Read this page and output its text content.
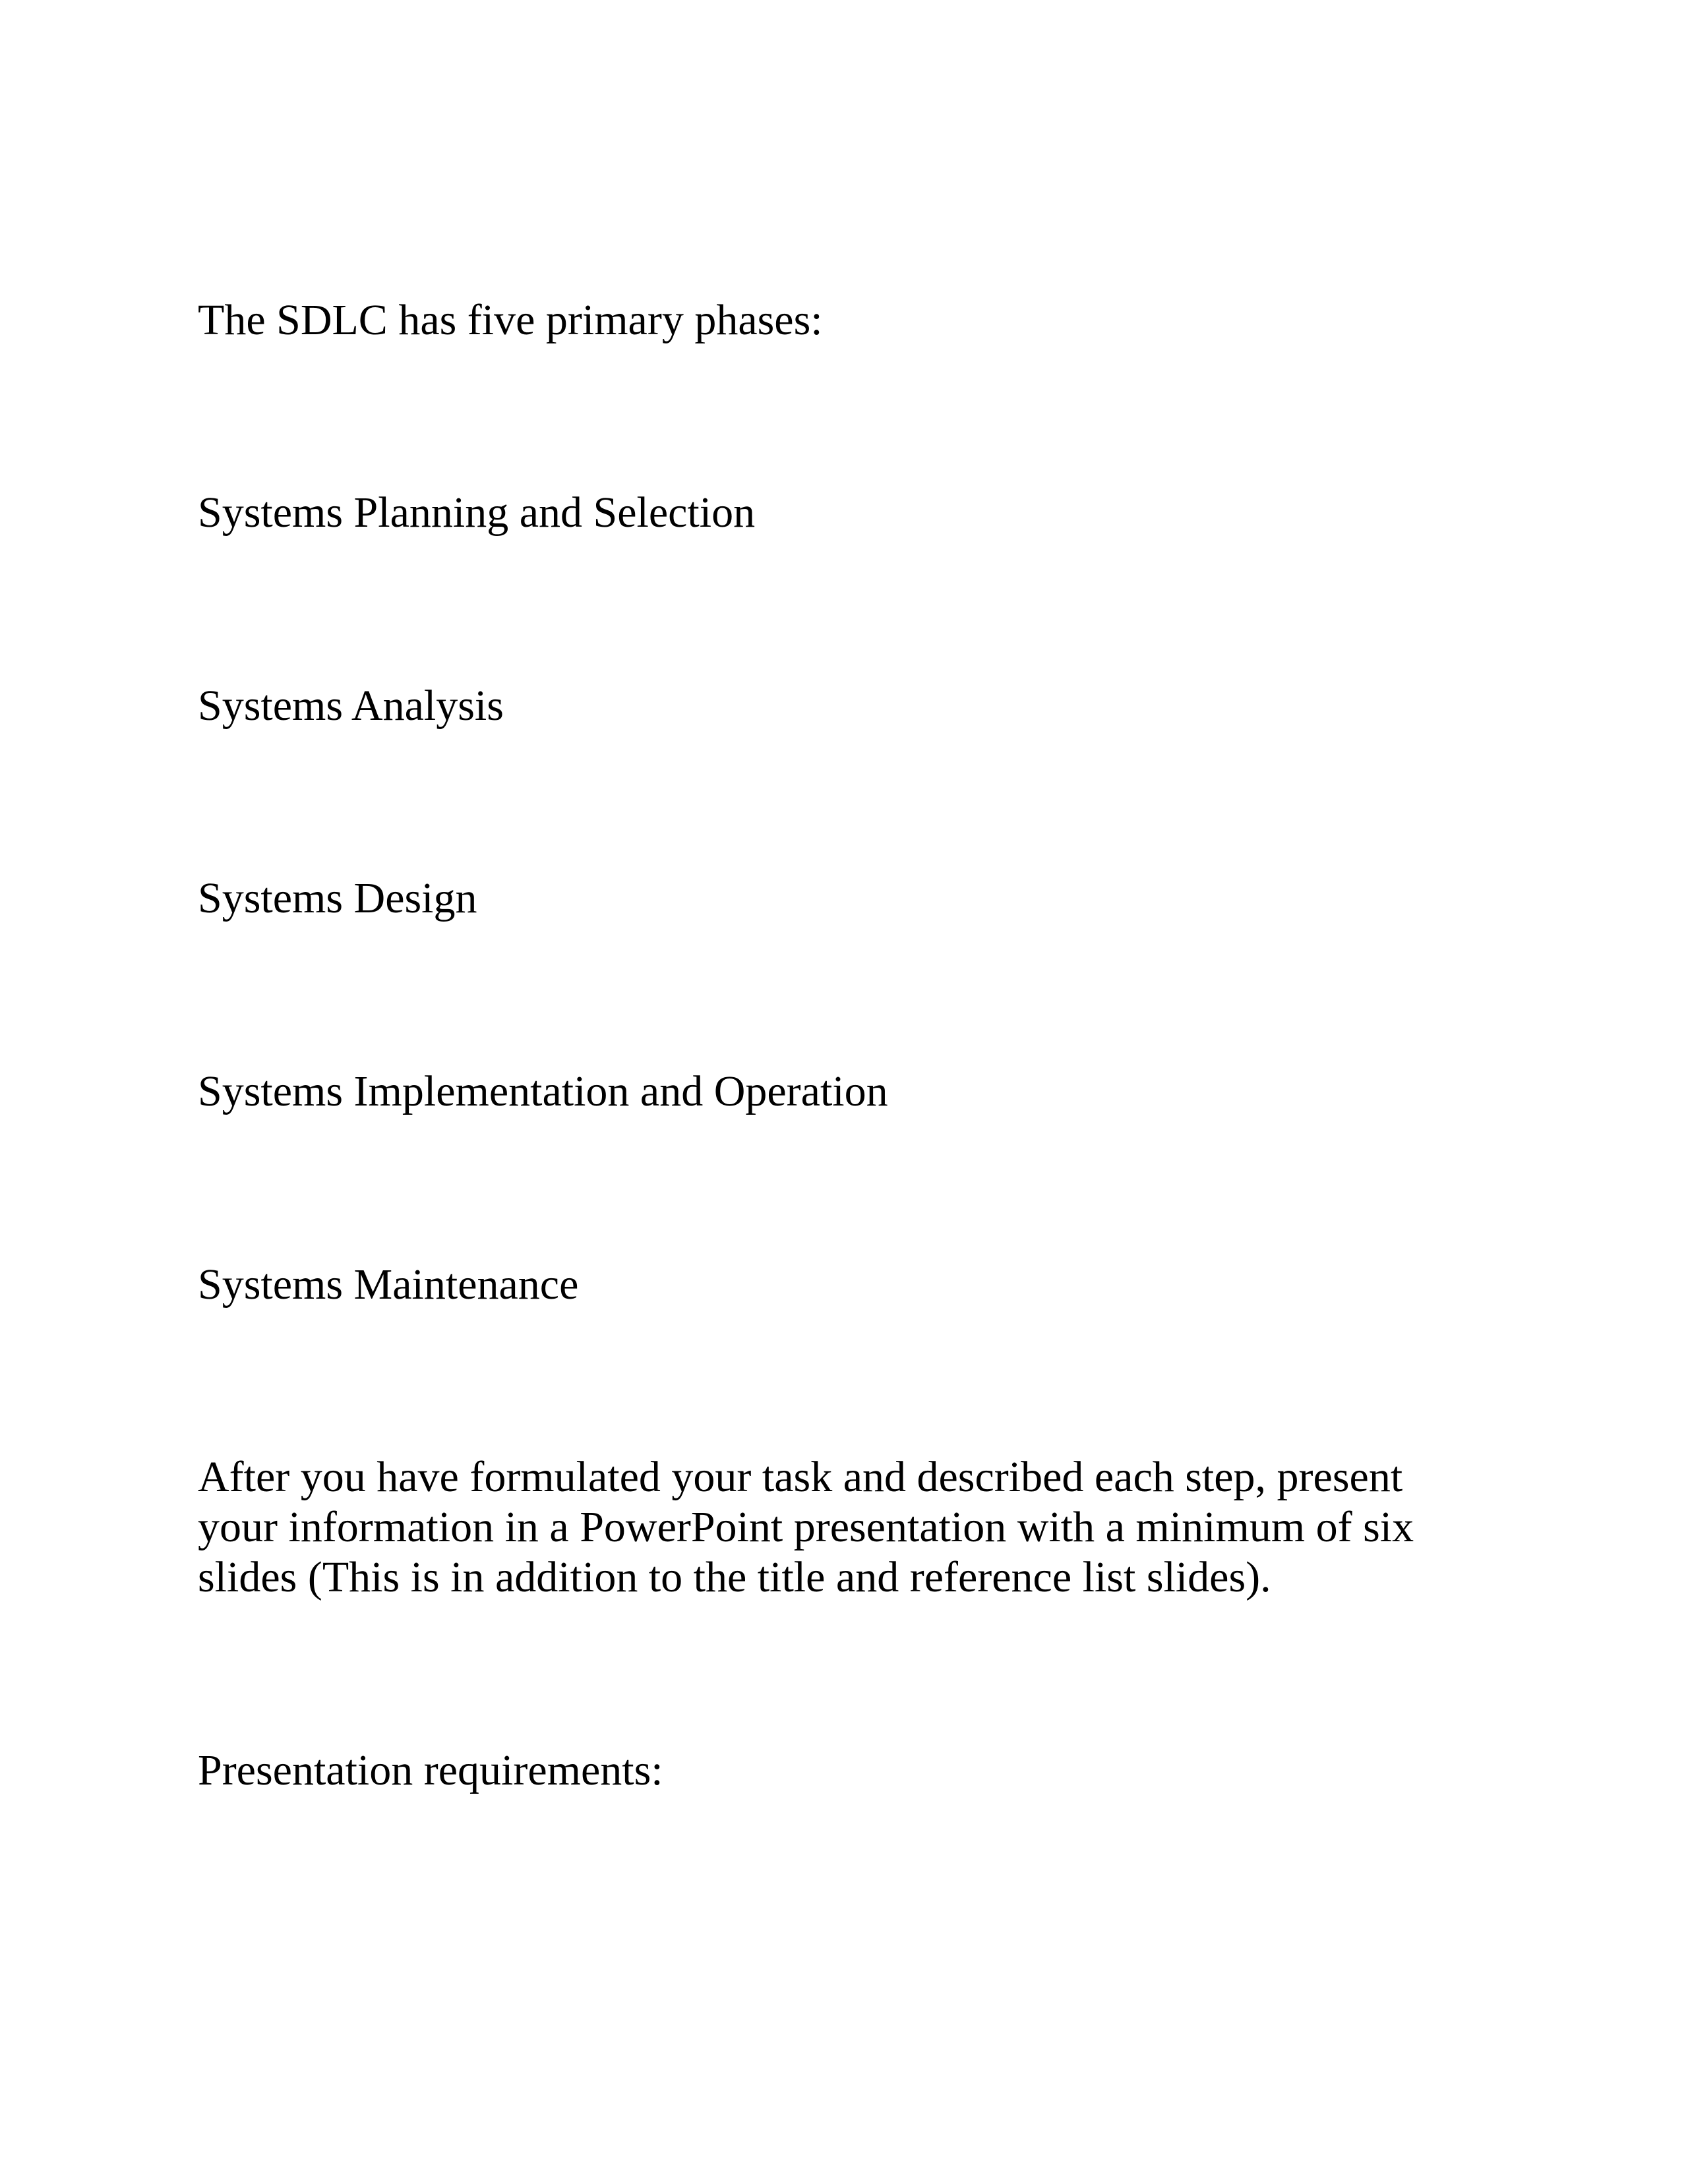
The SDLC has five primary phases:

Systems Planning and Selection

Systems Analysis

Systems Design

Systems Implementation and Operation

Systems Maintenance

After you have formulated your task and described each step, present
your information in a PowerPoint presentation with a minimum of six
slides (This is in addition to the title and reference list slides).

Presentation requirements:
